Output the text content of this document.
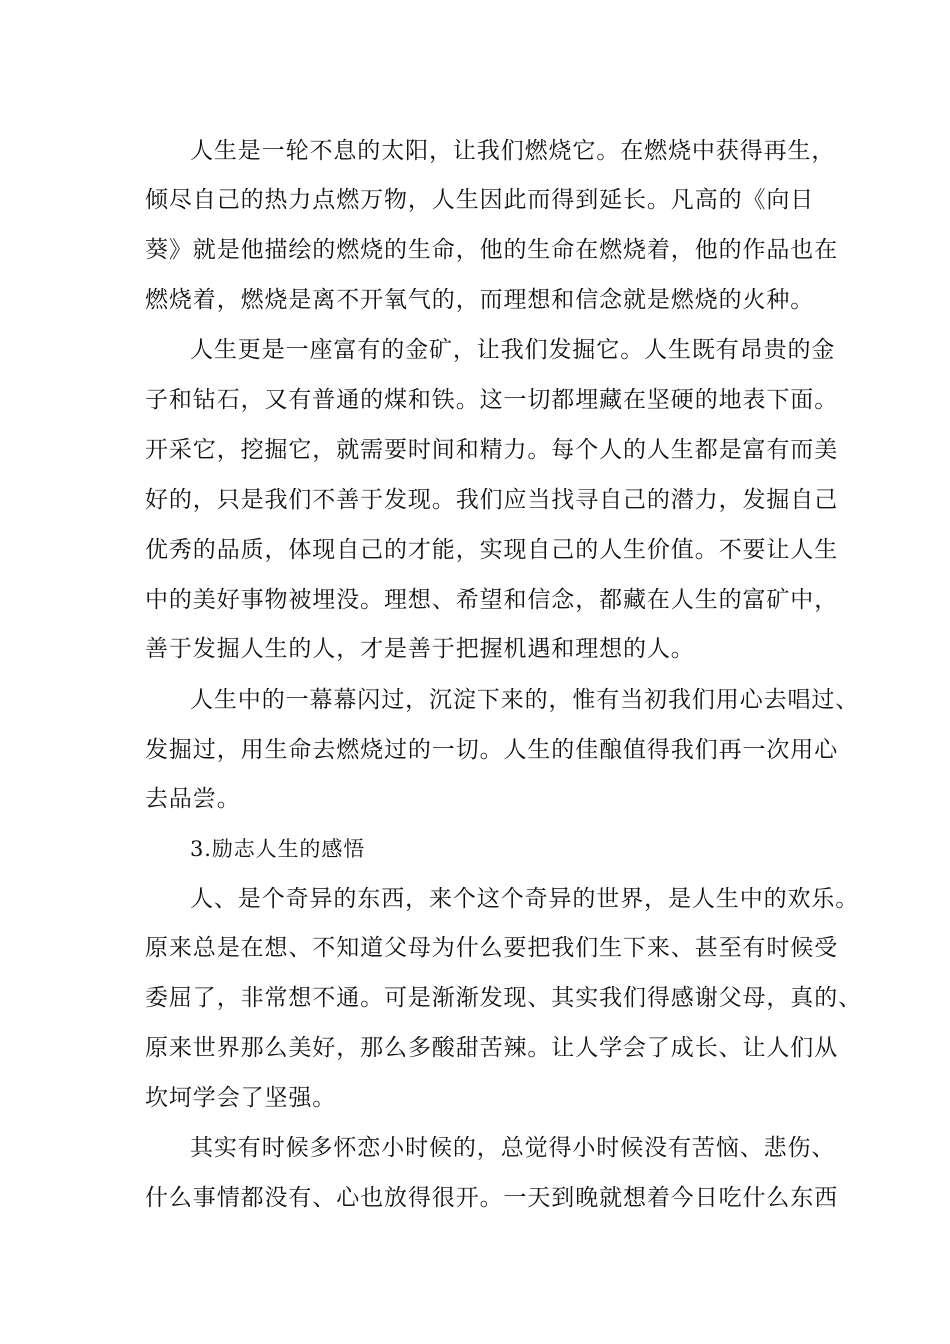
人生是一轮不息的太阳，让我们燃烧它。在燃烧中获得再生，
倾尽自己的热力点燃万物，人生因此而得到延长。凡高的《向日
葵》就是他描绘的燃烧的生命，他的生命在燃烧着，他的作品也在
燃烧着，燃烧是离不开氧气的，而理想和信念就是燃烧的火种。
人生更是一座富有的金矿，让我们发掘它。人生既有昂贵的金
子和钻石，又有普通的煤和铁。这一切都埋藏在坚硬的地表下面。
开采它，挖掘它，就需要时间和精力。每个人的人生都是富有而美
好的，只是我们不善于发现。我们应当找寻自己的潜力，发掘自己
优秀的品质，体现自己的才能，实现自己的人生价值。不要让人生
中的美好事物被埋没。理想、希望和信念，都藏在人生的富矿中，
善于发掘人生的人，才是善于把握机遇和理想的人。
人生中的一幕幕闪过，沉淀下来的，惟有当初我们用心去唱过、
发掘过，用生命去燃烧过的一切。人生的佳酿值得我们再一次用心
去品尝。
3.励志人生的感悟
人、是个奇异的东西，来个这个奇异的世界，是人生中的欢乐。
原来总是在想、不知道父母为什么要把我们生下来、甚至有时候受
委屈了，非常想不通。可是渐渐发现、其实我们得感谢父母，真的、
原来世界那么美好，那么多酸甜苦辣。让人学会了成长、让人们从
坎坷学会了坚强。
其实有时候多怀恋小时候的，总觉得小时候没有苦恼、悲伤、
什么事情都没有、心也放得很开。一天到晚就想着今日吃什么东西
